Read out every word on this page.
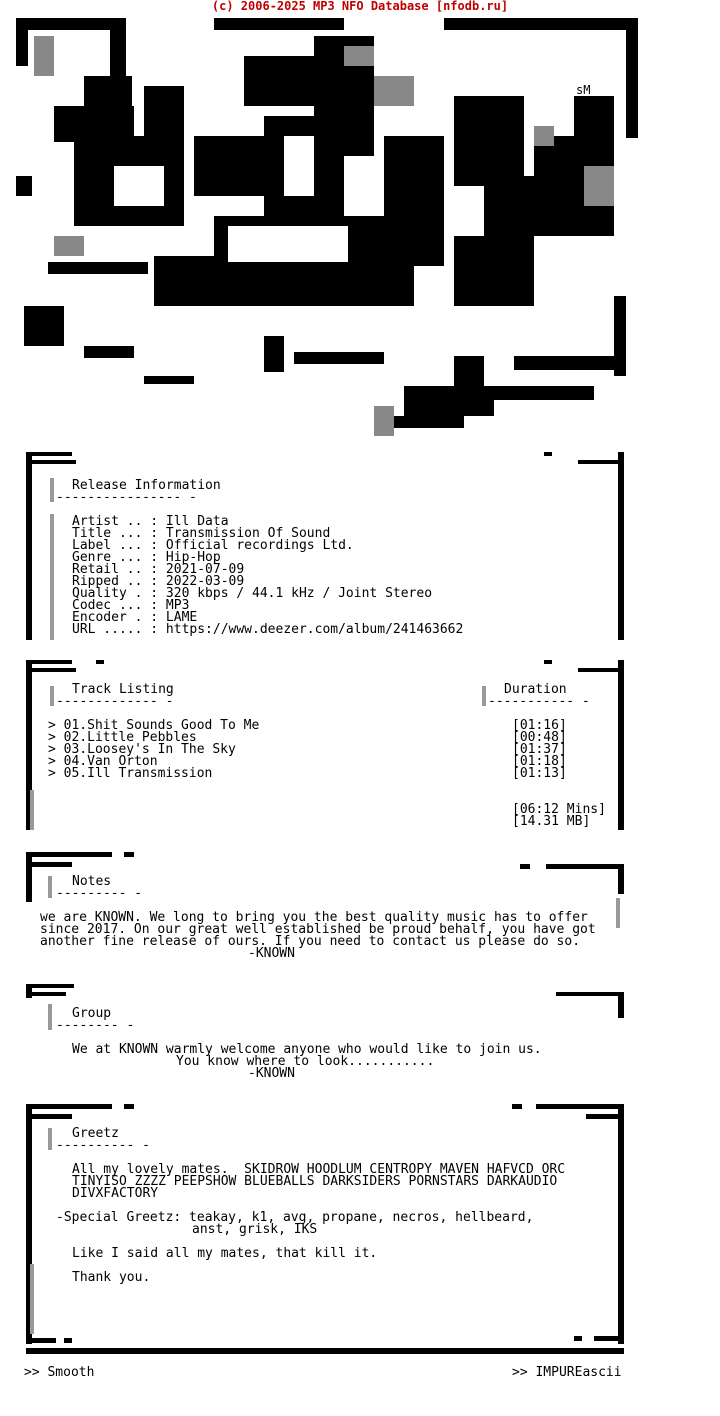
(c) 2006-2025 MP3 NFO Database [nfodb.ru]
sM
Release Information
---------------- -
Artist .. : Ill Data
Title ... : Transmission Of Sound
Label ... : Official recordings Ltd.
Genre ... : Hip-Hop
Retail .. : 2021-07-09
Ripped .. : 2022-03-09
Quality . : 320 kbps / 44.1 kHz / Joint Stereo
Codec ... : MP3
Encoder . : LAME
URL ..... : https://www.deezer.com/album/241463662
Track Listing
------------- -
Duration
----------- -
> 01.Shit Sounds Good To Me	[01:16]
> 02.Little Pebbles	[00:48]
> 03.Loosey's In The Sky	[01:37]
> 04.Van Orton	[01:18]
> 05.Ill Transmission	[01:13]
[06:12 Mins]
[14.31 MB]
Notes
--------- -
we are KNOWN. We long to bring you the best quality music has to offer
since 2017. On our great well established be proud behalf, you have got
another fine release of ours. If you need to contact us please do so.
-KNOWN
Group
-------- -
We at KNOWN warmly welcome anyone who would like to join us.
You know where to look...........
-KNOWN
Greetz
---------- -
All my lovely mates.  SKIDROW HOODLUM CENTROPY MAVEN HAFVCD ORC
TINYISO ZZZZ PEEPSHOW BLUEBALLS DARKSIDERS PORNSTARS DARKAUDIO
DIVXFACTORY
-Special Greetz: teakay, k1, avg, propane, necros, hellbeard,
anst, grisk, IKS
Like I said all my mates, that kill it.
Thank you.
>> Smooth	>> IMPUREascii
